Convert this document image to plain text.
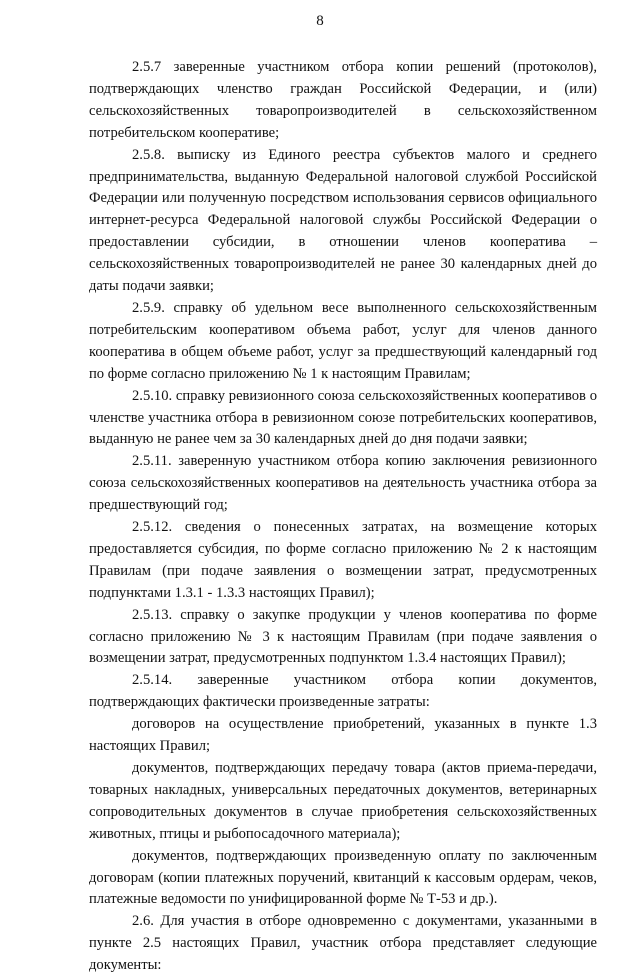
8

2.5.7 заверенные участником отбора копии решений (протоколов), подтверждающих членство граждан Российской Федерации, и (или) сельскохозяйственных товаропроизводителей в сельскохозяйственном потребительском кооперативе;

2.5.8. выписку из Единого реестра субъектов малого и среднего предпринимательства, выданную Федеральной налоговой службой Российской Федерации или полученную посредством использования сервисов официального интернет-ресурса Федеральной налоговой службы Российской Федерации о предоставлении субсидии, в отношении членов кооператива – сельскохозяйственных товаропроизводителей не ранее 30 календарных дней до даты подачи заявки;

2.5.9. справку об удельном весе выполненного сельскохозяйственным потребительским кооперативом объема работ, услуг для членов данного кооператива в общем объеме работ, услуг за предшествующий календарный год по форме согласно приложению № 1 к настоящим Правилам;

2.5.10. справку ревизионного союза сельскохозяйственных кооперативов о членстве участника отбора в ревизионном союзе потребительских кооперативов, выданную не ранее чем за 30 календарных дней до дня подачи заявки;

2.5.11. заверенную участником отбора копию заключения ревизионного союза сельскохозяйственных кооперативов на деятельность участника отбора за предшествующий год;

2.5.12. сведения о понесенных затратах, на возмещение которых предоставляется субсидия, по форме согласно приложению № 2 к настоящим Правилам (при подаче заявления о возмещении затрат, предусмотренных подпунктами 1.3.1 - 1.3.3 настоящих Правил);

2.5.13. справку о закупке продукции у членов кооператива по форме согласно приложению № 3 к настоящим Правилам (при подаче заявления о возмещении затрат, предусмотренных подпунктом 1.3.4 настоящих Правил);

2.5.14. заверенные участником отбора копии документов, подтверждающих фактически произведенные затраты:

договоров на осуществление приобретений, указанных в пункте 1.3 настоящих Правил;

документов, подтверждающих передачу товара (актов приема-передачи, товарных накладных, универсальных передаточных документов, ветеринарных сопроводительных документов в случае приобретения сельскохозяйственных животных, птицы и рыбопосадочного материала);

документов, подтверждающих произведенную оплату по заключенным договорам (копии платежных поручений, квитанций к кассовым ордерам, чеков, платежные ведомости по унифицированной форме № Т-53 и др.).

2.6. Для участия в отборе одновременно с документами, указанными в пункте 2.5 настоящих Правил, участник отбора представляет следующие документы:
